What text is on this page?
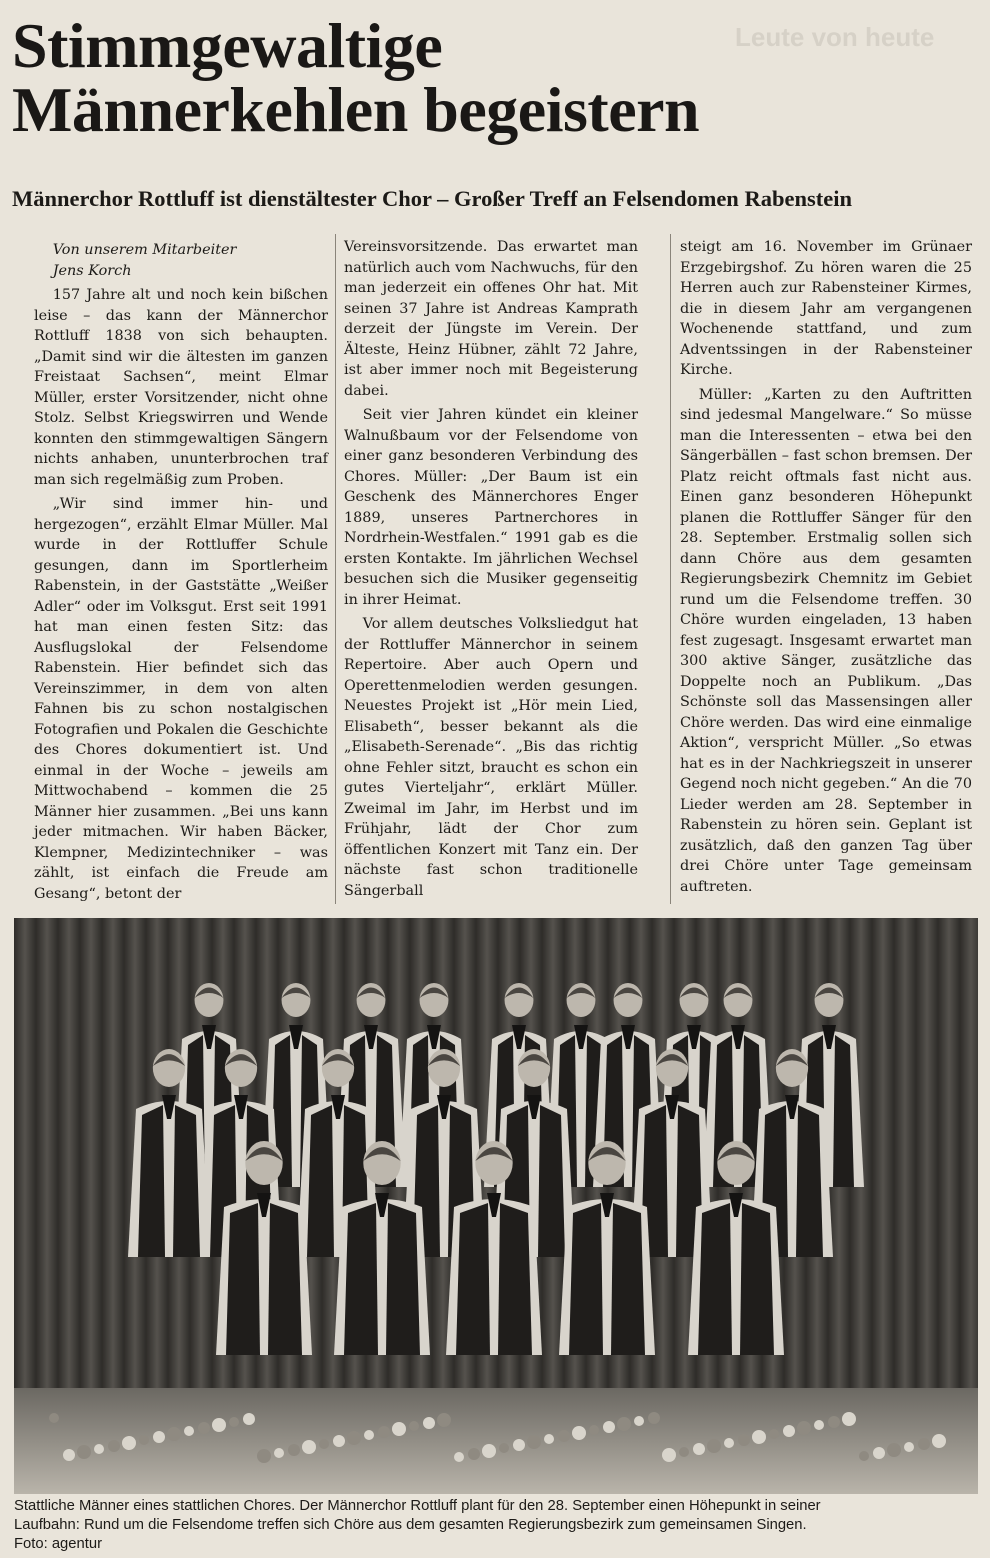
Leute von heute
Stimmgewaltige
Männerkehlen begeistern
Männerchor Rottluff ist dienstältester Chor – Großer Treff an Felsendomen Rabenstein

Von unserem Mitarbeiter
Jens Korch

157 Jahre alt und noch kein bißchen leise – das kann der Männerchor Rottluff 1838 von sich behaupten. „Damit sind wir die ältesten im ganzen Freistaat Sachsen“, meint Elmar Müller, erster Vorsitzender, nicht ohne Stolz. Selbst Kriegswirren und Wende konnten den stimmgewaltigen Sängern nichts anhaben, ununterbrochen traf man sich regelmäßig zum Proben.

„Wir sind immer hin- und hergezogen“, erzählt Elmar Müller. Mal wurde in der Rottluffer Schule gesungen, dann im Sportlerheim Rabenstein, in der Gaststätte „Weißer Adler“ oder im Volksgut. Erst seit 1991 hat man einen festen Sitz: das Ausflugslokal der Felsendome Rabenstein. Hier befindet sich das Vereinszimmer, in dem von alten Fahnen bis zu schon nostalgischen Fotografien und Pokalen die Geschichte des Chores dokumentiert ist. Und einmal in der Woche – jeweils am Mittwochabend – kommen die 25 Männer hier zusammen. „Bei uns kann jeder mitmachen. Wir haben Bäcker, Klempner, Medizintechniker – was zählt, ist einfach die Freude am Gesang“, betont der

Vereinsvorsitzende. Das erwartet man natürlich auch vom Nachwuchs, für den man jederzeit ein offenes Ohr hat. Mit seinen 37 Jahre ist Andreas Kamprath derzeit der Jüngste im Verein. Der Älteste, Heinz Hübner, zählt 72 Jahre, ist aber immer noch mit Begeisterung dabei.

Seit vier Jahren kündet ein kleiner Walnußbaum vor der Felsendome von einer ganz besonderen Verbindung des Chores. Müller: „Der Baum ist ein Geschenk des Männerchores Enger 1889, unseres Partnerchores in Nordrhein-Westfalen.“ 1991 gab es die ersten Kontakte. Im jährlichen Wechsel besuchen sich die Musiker gegenseitig in ihrer Heimat.

Vor allem deutsches Volksliedgut hat der Rottluffer Männerchor in seinem Repertoire. Aber auch Opern und Operettenmelodien werden gesungen. Neuestes Projekt ist „Hör mein Lied, Elisabeth“, besser bekannt als die „Elisabeth-Serenade“. „Bis das richtig ohne Fehler sitzt, braucht es schon ein gutes Vierteljahr“, erklärt Müller. Zweimal im Jahr, im Herbst und im Frühjahr, lädt der Chor zum öffentlichen Konzert mit Tanz ein. Der nächste fast schon traditionelle Sängerball

steigt am 16. November im Grünaer Erzgebirgshof. Zu hören waren die 25 Herren auch zur Rabensteiner Kirmes, die in diesem Jahr am vergangenen Wochenende stattfand, und zum Adventssingen in der Rabensteiner Kirche.

Müller: „Karten zu den Auftritten sind jedesmal Mangelware.“ So müsse man die Interessenten – etwa bei den Sängerbällen – fast schon bremsen. Der Platz reicht oftmals fast nicht aus. Einen ganz besonderen Höhepunkt planen die Rottluffer Sänger für den 28. September. Erstmalig sollen sich dann Chöre aus dem gesamten Regierungsbezirk Chemnitz im Gebiet rund um die Felsendome treffen. 30 Chöre wurden eingeladen, 13 haben fest zugesagt. Insgesamt erwartet man 300 aktive Sänger, zusätzliche das Doppelte noch an Publikum. „Das Schönste soll das Massensingen aller Chöre werden. Das wird eine einmalige Aktion“, verspricht Müller. „So etwas hat es in der Nachkriegszeit in unserer Gegend noch nicht gegeben.“ An die 70 Lieder werden am 28. September in Rabenstein zu hören sein. Geplant ist zusätzlich, daß den ganzen Tag über drei Chöre unter Tage gemeinsam auftreten.

Stattliche Männer eines stattlichen Chores. Der Männerchor Rottluff plant für den 28. September einen Höhepunkt in seiner
Laufbahn: Rund um die Felsendome treffen sich Chöre aus dem gesamten Regierungsbezirk zum gemeinsamen Singen.
Foto: agentur
